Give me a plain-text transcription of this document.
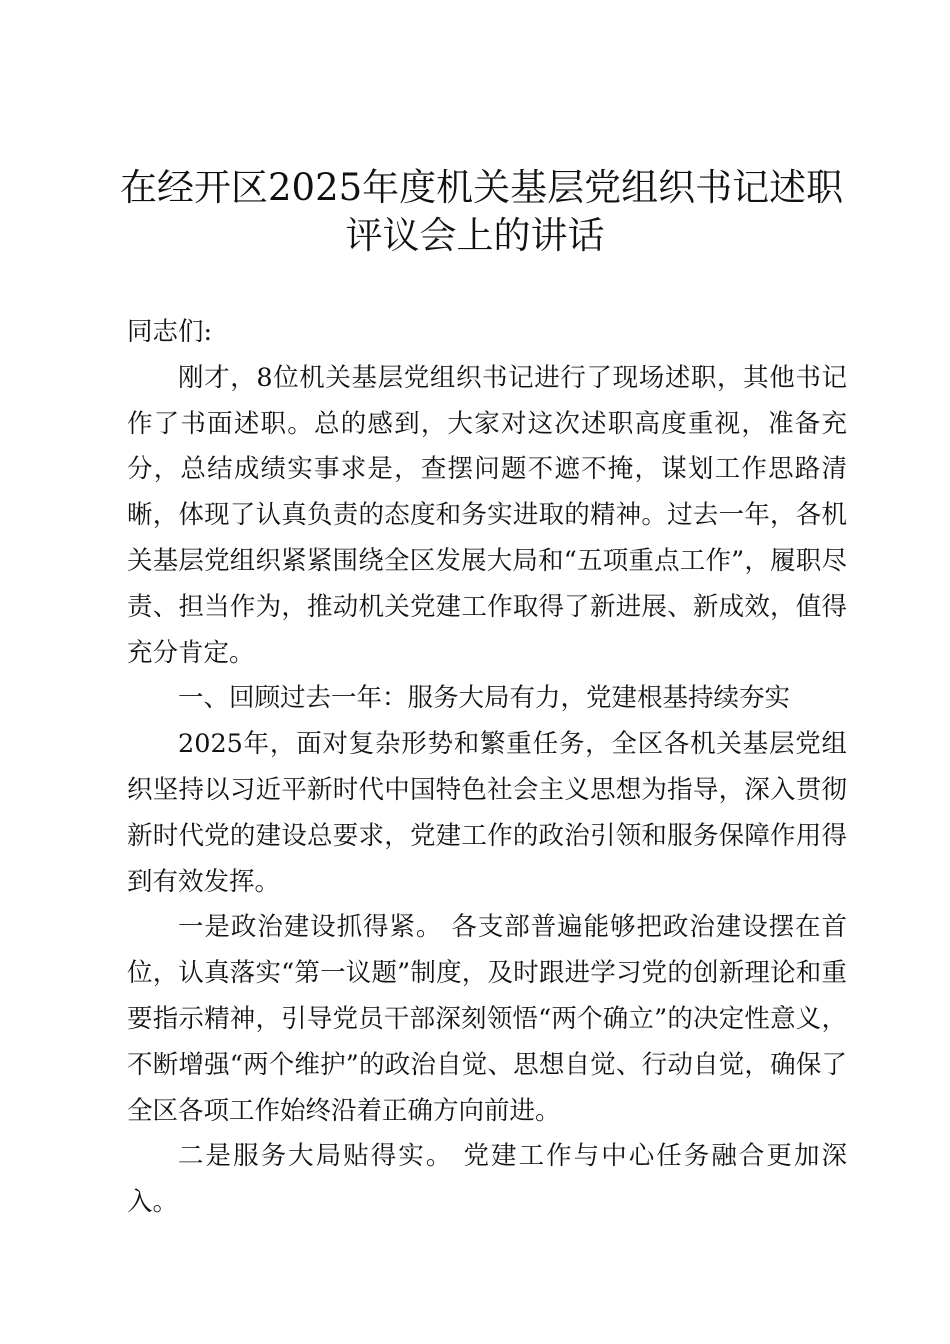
在经开区2025年度机关基层党组织书记述职
评议会上的讲话

同志们:

刚才，8位机关基层党组织书记进行了现场述职，其他书记作了书面述职。总的感到，大家对这次述职高度重视，准备充分，总结成绩实事求是，查摆问题不遮不掩，谋划工作思路清晰，体现了认真负责的态度和务实进取的精神。过去一年，各机关基层党组织紧紧围绕全区发展大局和“五项重点工作”，履职尽责、担当作为，推动机关党建工作取得了新进展、新成效，值得充分肯定。

一、回顾过去一年：服务大局有力，党建根基持续夯实

2025年，面对复杂形势和繁重任务，全区各机关基层党组织坚持以习近平新时代中国特色社会主义思想为指导，深入贯彻新时代党的建设总要求，党建工作的政治引领和服务保障作用得到有效发挥。

一是政治建设抓得紧。 各支部普遍能够把政治建设摆在首位，认真落实“第一议题”制度，及时跟进学习党的创新理论和重要指示精神，引导党员干部深刻领悟“两个确立”的决定性意义，不断增强“两个维护”的政治自觉、思想自觉、行动自觉，确保了全区各项工作始终沿着正确方向前进。

二是服务大局贴得实。 党建工作与中心任务融合更加深入。
